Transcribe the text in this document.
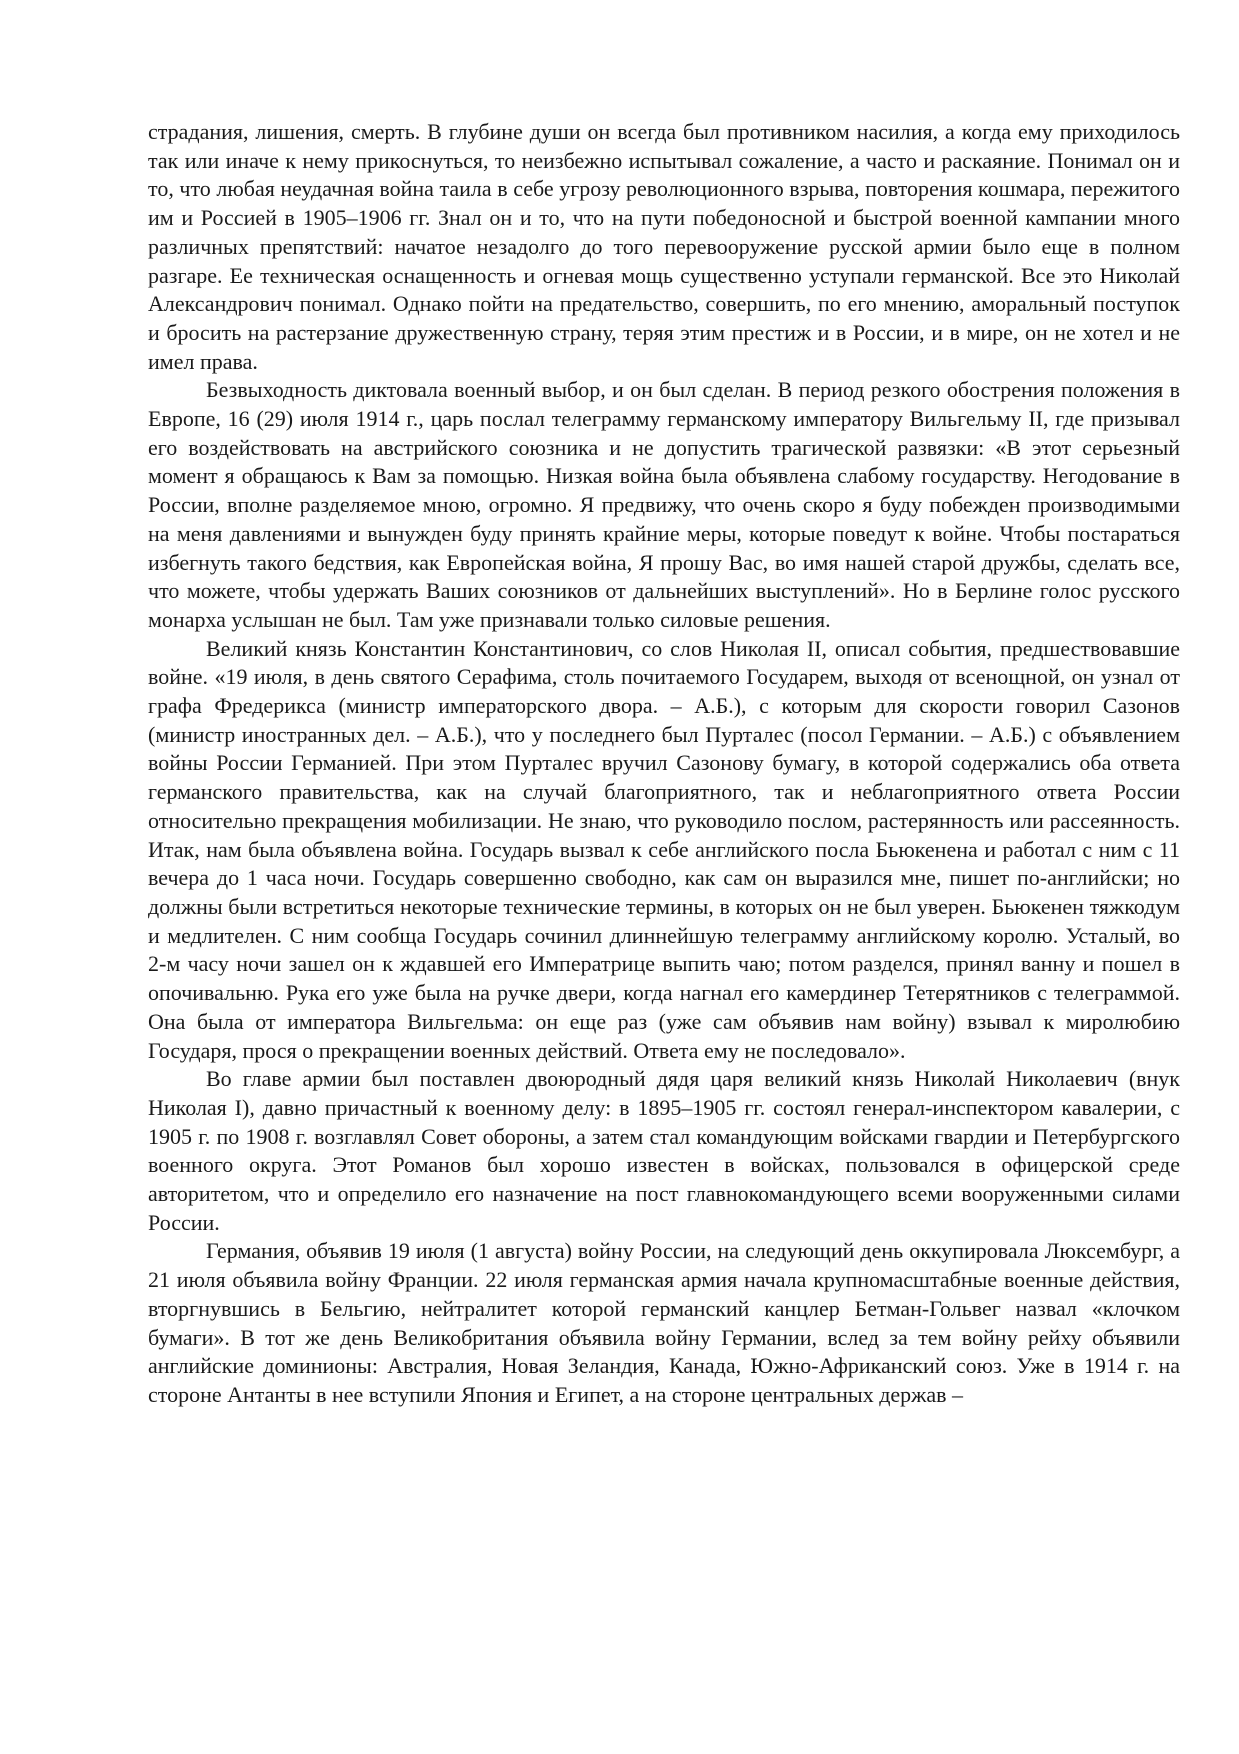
страдания, лишения, смерть. В глубине души он всегда был противником насилия, а когда ему приходилось так или иначе к нему прикоснуться, то неизбежно испытывал сожаление, а часто и раскаяние. Понимал он и то, что любая неудачная война таила в себе угрозу революционного взрыва, повторения кошмара, пережитого им и Россией в 1905–1906 гг. Знал он и то, что на пути победоносной и быстрой военной кампании много различных препятствий: начатое незадолго до того перевооружение русской армии было еще в полном разгаре. Ее техническая оснащенность и огневая мощь существенно уступали германской. Все это Николай Александрович понимал. Однако пойти на предательство, совершить, по его мнению, аморальный поступок и бросить на растерзание дружественную страну, теряя этим престиж и в России, и в мире, он не хотел и не имел права.

Безвыходность диктовала военный выбор, и он был сделан. В период резкого обострения положения в Европе, 16 (29) июля 1914 г., царь послал телеграмму германскому императору Вильгельму II, где призывал его воздействовать на австрийского союзника и не допустить трагической развязки: «В этот серьезный момент я обращаюсь к Вам за помощью. Низкая война была объявлена слабому государству. Негодование в России, вполне разделяемое мною, огромно. Я предвижу, что очень скоро я буду побежден производимыми на меня давлениями и вынужден буду принять крайние меры, которые поведут к войне. Чтобы постараться избегнуть такого бедствия, как Европейская война, Я прошу Вас, во имя нашей старой дружбы, сделать все, что можете, чтобы удержать Ваших союзников от дальнейших выступлений». Но в Берлине голос русского монарха услышан не был. Там уже признавали только силовые решения.

Великий князь Константин Константинович, со слов Николая II, описал события, предшествовавшие войне. «19 июля, в день святого Серафима, столь почитаемого Государем, выходя от всенощной, он узнал от графа Фредерикса (министр императорского двора. – А.Б.), с которым для скорости говорил Сазонов (министр иностранных дел. – А.Б.), что у последнего был Пурталес (посол Германии. – А.Б.) с объявлением войны России Германией. При этом Пурталес вручил Сазонову бумагу, в которой содержались оба ответа германского правительства, как на случай благоприятного, так и неблагоприятного ответа России относительно прекращения мобилизации. Не знаю, что руководило послом, растерянность или рассеянность. Итак, нам была объявлена война. Государь вызвал к себе английского посла Бьюкенена и работал с ним с 11 вечера до 1 часа ночи. Государь совершенно свободно, как сам он выразился мне, пишет по-английски; но должны были встретиться некоторые технические термины, в которых он не был уверен. Бьюкенен тяжкодум и медлителен. С ним сообща Государь сочинил длиннейшую телеграмму английскому королю. Усталый, во 2-м часу ночи зашел он к ждавшей его Императрице выпить чаю; потом разделся, принял ванну и пошел в опочивальню. Рука его уже была на ручке двери, когда нагнал его камердинер Тетерятников с телеграммой. Она была от императора Вильгельма: он еще раз (уже сам объявив нам войну) взывал к миролюбию Государя, прося о прекращении военных действий. Ответа ему не последовало».

Во главе армии был поставлен двоюродный дядя царя великий князь Николай Николаевич (внук Николая I), давно причастный к военному делу: в 1895–1905 гг. состоял генерал-инспектором кавалерии, с 1905 г. по 1908 г. возглавлял Совет обороны, а затем стал командующим войсками гвардии и Петербургского военного округа. Этот Романов был хорошо известен в войсках, пользовался в офицерской среде авторитетом, что и определило его назначение на пост главнокомандующего всеми вооруженными силами России.

Германия, объявив 19 июля (1 августа) войну России, на следующий день оккупировала Люксембург, а 21 июля объявила войну Франции. 22 июля германская армия начала крупномасштабные военные действия, вторгнувшись в Бельгию, нейтралитет которой германский канцлер Бетман-Гольвег назвал «клочком бумаги». В тот же день Великобритания объявила войну Германии, вслед за тем войну рейху объявили английские доминионы: Австралия, Новая Зеландия, Канада, Южно-Африканский союз. Уже в 1914 г. на стороне Антанты в нее вступили Япония и Египет, а на стороне центральных держав –
